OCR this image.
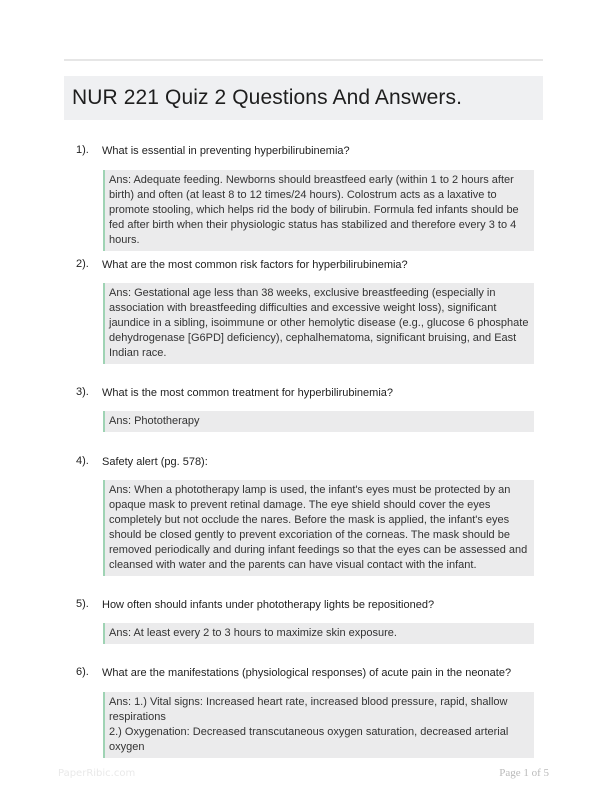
NUR 221 Quiz 2 Questions And Answers.
1). What is essential in preventing hyperbilirubinemia?
Ans: Adequate feeding. Newborns should breastfeed early (within 1 to 2 hours after birth) and often (at least 8 to 12 times/24 hours). Colostrum acts as a laxative to promote stooling, which helps rid the body of bilirubin. Formula fed infants should be fed after birth when their physiologic status has stabilized and therefore every 3 to 4 hours.
2). What are the most common risk factors for hyperbilirubinemia?
Ans: Gestational age less than 38 weeks, exclusive breastfeeding (especially in association with breastfeeding difficulties and excessive weight loss), significant jaundice in a sibling, isoimmune or other hemolytic disease (e.g., glucose 6 phosphate dehydrogenase [G6PD] deficiency), cephalhematoma, significant bruising, and East Indian race.
3). What is the most common treatment for hyperbilirubinemia?
Ans: Phototherapy
4). Safety alert (pg. 578):
Ans: When a phototherapy lamp is used, the infant's eyes must be protected by an opaque mask to prevent retinal damage. The eye shield should cover the eyes completely but not occlude the nares. Before the mask is applied, the infant's eyes should be closed gently to prevent excoriation of the corneas. The mask should be removed periodically and during infant feedings so that the eyes can be assessed and cleansed with water and the parents can have visual contact with the infant.
5). How often should infants under phototherapy lights be repositioned?
Ans: At least every 2 to 3 hours to maximize skin exposure.
6). What are the manifestations (physiological responses) of acute pain in the neonate?
Ans: 1.) Vital signs: Increased heart rate, increased blood pressure, rapid, shallow respirations
2.) Oxygenation: Decreased transcutaneous oxygen saturation, decreased arterial oxygen
PaperRibic.com	Page 1 of 5
